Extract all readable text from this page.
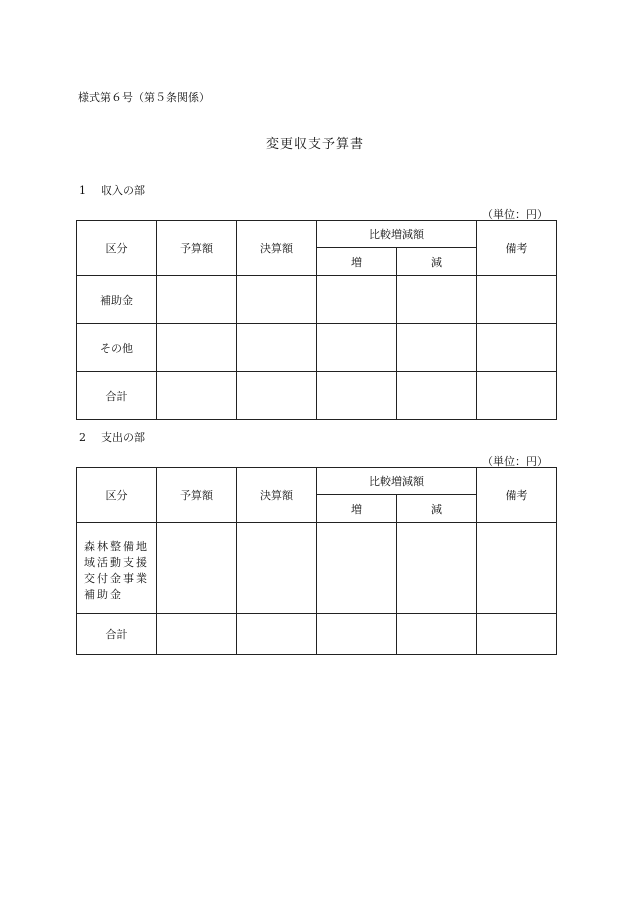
様式第６号（第５条関係）
変更収支予算書
1 収入の部
（単位：円）
区分	予算額	決算額	比較増減額		備考
			増	減	
補助金					
その他					
合計					
2 支出の部
（単位：円）
区分	予算額	決算額	比較増減額		備考
			増	減	

森林整備地
域活動支援
交付金事業
補助金					

合計					
